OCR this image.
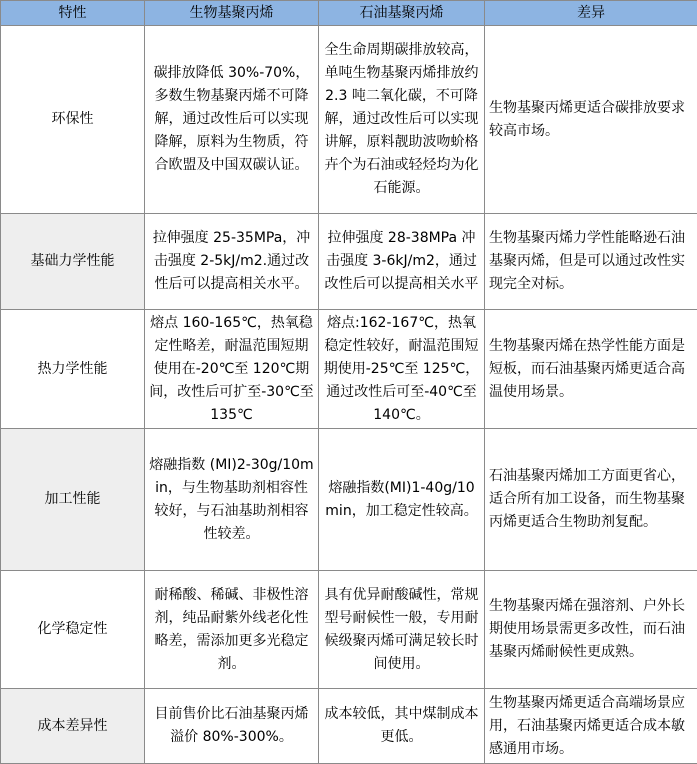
特性	生物基聚丙烯	石油基聚丙烯	差异
环保性	碳排放降低 30%-70%，多数生物基聚丙烯不可降解，通过改性后可以实现降解，原料为生物质，符合欧盟及中国双碳认证。	全生命周期碳排放较高，单吨生物基聚丙烯排放约 2.3 吨二氧化碳，不可降解，通过改性后可以实现讲解，原料靓助波吻蚧格卉个为石油或轻烃均为化石能源。	生物基聚丙烯更适合碳排放要求较高市场。
基础力学性能	拉伸强度 25-35MPa，冲击强度 2-5kJ/m2.通过改性后可以提高相关水平。	拉伸强度 28-38MPa 冲击强度 3-6kJ/m2，通过改性后可以提高相关水平	生物基聚丙烯力学性能略逊石油基聚丙烯，但是可以通过改性实现完全对标。
热力学性能	熔点 160-165℃，热氧稳定性略差，耐温范围短期使用在-20℃至 120℃期间，改性后可扩至-30℃至 135℃	熔点:162-167℃，热氧稳定性较好，耐温范围短期使用-25℃至 125℃，通过改性后可至-40℃至 140℃。	生物基聚丙烯在热学性能方面是短板，而石油基聚丙烯更适合高温使用场景。
加工性能	熔融指数 (MI)2-30g/10min，与生物基助剂相容性较好，与石油基助剂相容性较差。	熔融指数(MI)1-40g/10min，加工稳定性较高。	石油基聚丙烯加工方面更省心，适合所有加工设备，而生物基聚丙烯更适合生物助剂复配。
化学稳定性	耐稀酸、稀碱、非极性溶剂，纯品耐紫外线老化性略差，需添加更多光稳定剂。	具有优异耐酸碱性，常规型号耐候性一般，专用耐候级聚丙烯可满足较长时间使用。	生物基聚丙烯在强溶剂、户外长期使用场景需更多改性，而石油基聚丙烯耐候性更成熟。
成本差异性	目前售价比石油基聚丙烯溢价 80%-300%。	成本较低，其中煤制成本更低。	生物基聚丙烯更适合高端场景应用，石油基聚丙烯更适合成本敏感通用市场。
